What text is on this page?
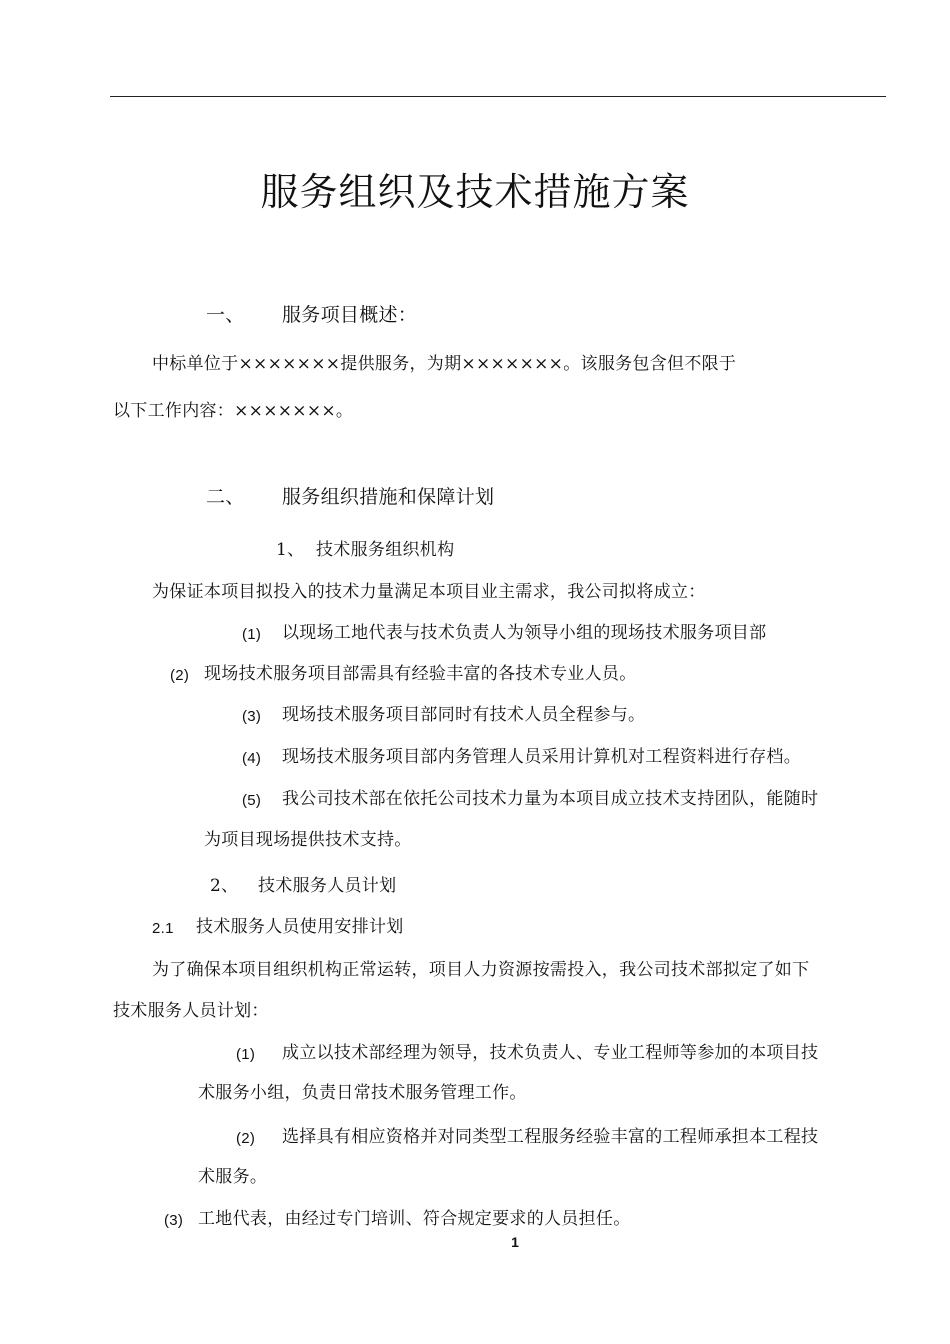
服务组织及技术措施方案
一、 服务项目概述：
中标单位于×××××××提供服务，为期×××××××。该服务包含但不限于
以下工作内容：×××××××。
二、 服务组织措施和保障计划
1、 技术服务组织机构
为保证本项目拟投入的技术力量满足本项目业主需求，我公司拟将成立：
(1) 以现场工地代表与技术负责人为领导小组的现场技术服务项目部
(2) 现场技术服务项目部需具有经验丰富的各技术专业人员。
(3) 现场技术服务项目部同时有技术人员全程参与。
(4) 现场技术服务项目部内务管理人员采用计算机对工程资料进行存档。
(5) 我公司技术部在依托公司技术力量为本项目成立技术支持团队，能随时
为项目现场提供技术支持。
2、 技术服务人员计划
2.1 技术服务人员使用安排计划
为了确保本项目组织机构正常运转，项目人力资源按需投入，我公司技术部拟定了如下
技术服务人员计划：
(1) 成立以技术部经理为领导，技术负责人、专业工程师等参加的本项目技
术服务小组，负责日常技术服务管理工作。
(2) 选择具有相应资格并对同类型工程服务经验丰富的工程师承担本工程技
术服务。
(3) 工地代表，由经过专门培训、符合规定要求的人员担任。
1
